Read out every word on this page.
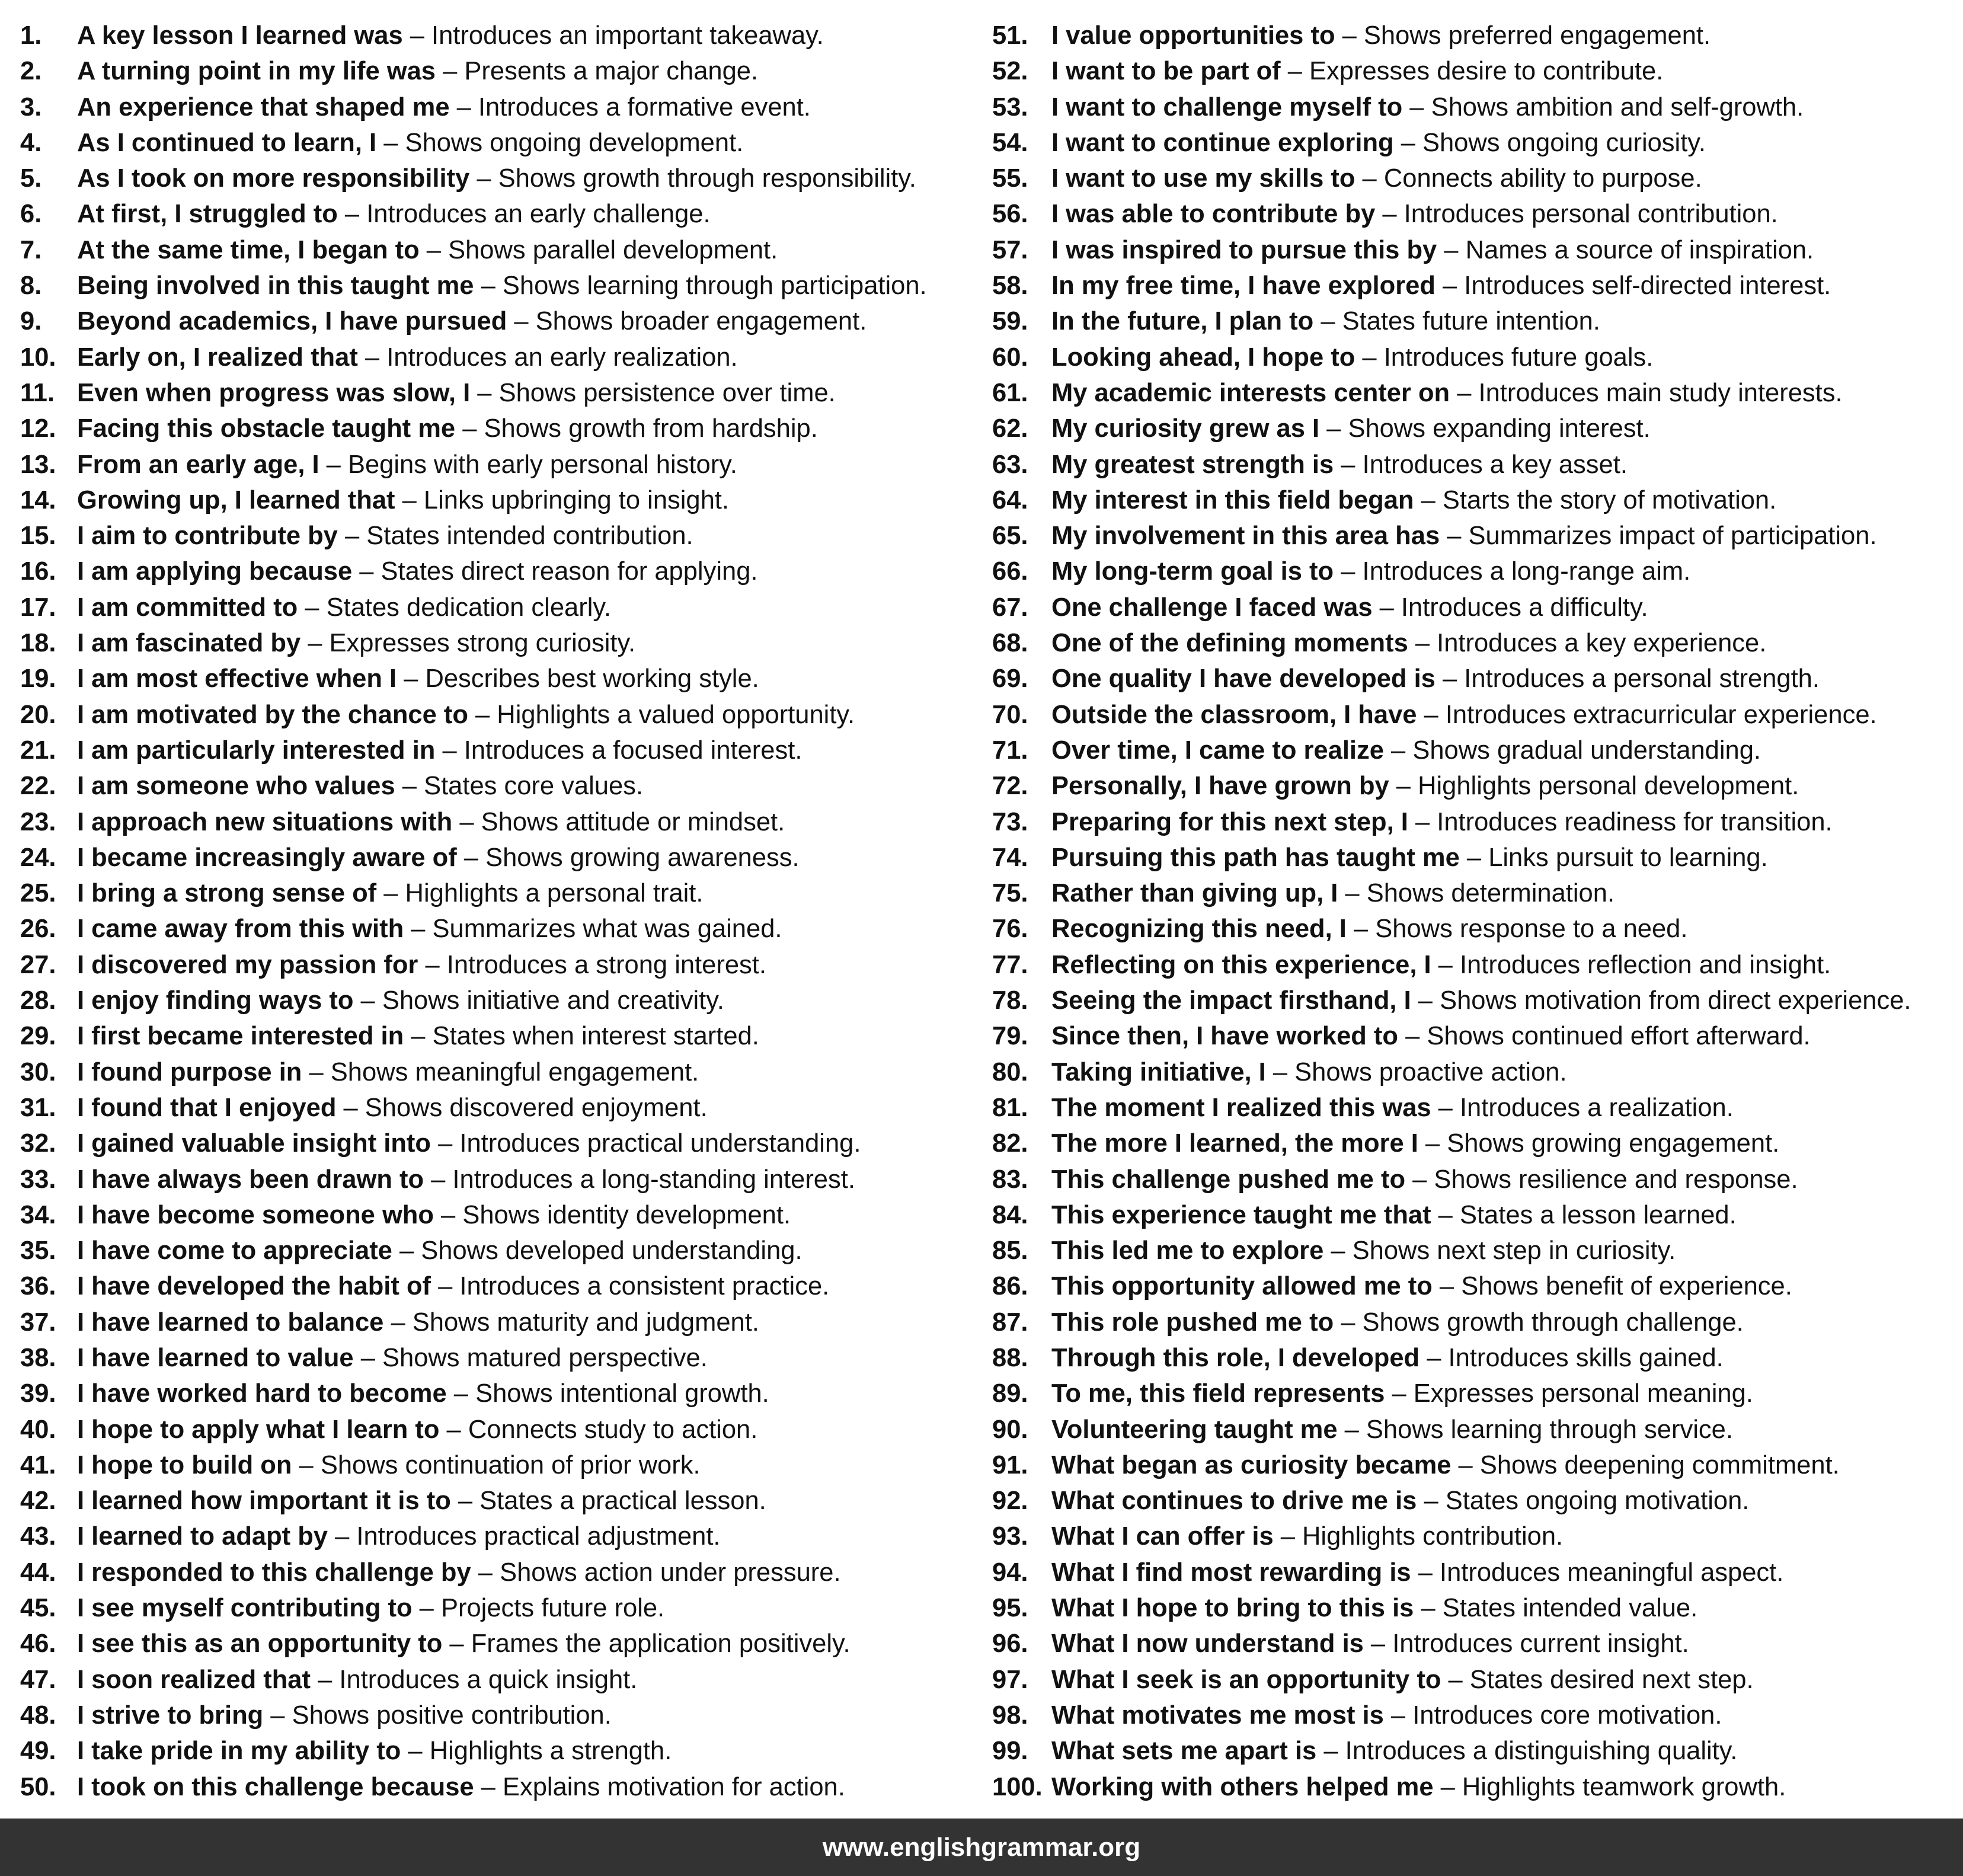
1.	A key lesson I learned was – Introduces an important takeaway.
2.	A turning point in my life was – Presents a major change.
3.	An experience that shaped me – Introduces a formative event.
4.	As I continued to learn, I – Shows ongoing development.
5.	As I took on more responsibility – Shows growth through responsibility.
6.	At first, I struggled to – Introduces an early challenge.
7.	At the same time, I began to – Shows parallel development.
8.	Being involved in this taught me – Shows learning through participation.
9.	Beyond academics, I have pursued – Shows broader engagement.
10. Early on, I realized that – Introduces an early realization.
11. Even when progress was slow, I – Shows persistence over time.
12. Facing this obstacle taught me – Shows growth from hardship.
13. From an early age, I – Begins with early personal history.
14. Growing up, I learned that – Links upbringing to insight.
15. I aim to contribute by – States intended contribution.
16. I am applying because – States direct reason for applying.
17. I am committed to – States dedication clearly.
18. I am fascinated by – Expresses strong curiosity.
19. I am most effective when I – Describes best working style.
20. I am motivated by the chance to – Highlights a valued opportunity.
21. I am particularly interested in – Introduces a focused interest.
22. I am someone who values – States core values.
23. I approach new situations with – Shows attitude or mindset.
24. I became increasingly aware of – Shows growing awareness.
25. I bring a strong sense of – Highlights a personal trait.
26. I came away from this with – Summarizes what was gained.
27. I discovered my passion for – Introduces a strong interest.
28. I enjoy finding ways to – Shows initiative and creativity.
29. I first became interested in – States when interest started.
30. I found purpose in – Shows meaningful engagement.
31. I found that I enjoyed – Shows discovered enjoyment.
32. I gained valuable insight into – Introduces practical understanding.
33. I have always been drawn to – Introduces a long-standing interest.
34. I have become someone who – Shows identity development.
35. I have come to appreciate – Shows developed understanding.
36. I have developed the habit of – Introduces a consistent practice.
37. I have learned to balance – Shows maturity and judgment.
38. I have learned to value – Shows matured perspective.
39. I have worked hard to become – Shows intentional growth.
40. I hope to apply what I learn to – Connects study to action.
41. I hope to build on – Shows continuation of prior work.
42. I learned how important it is to – States a practical lesson.
43. I learned to adapt by – Introduces practical adjustment.
44. I responded to this challenge by – Shows action under pressure.
45. I see myself contributing to – Projects future role.
46. I see this as an opportunity to – Frames the application positively.
47. I soon realized that – Introduces a quick insight.
48. I strive to bring – Shows positive contribution.
49. I take pride in my ability to – Highlights a strength.
50. I took on this challenge because – Explains motivation for action.
51. I value opportunities to – Shows preferred engagement.
52. I want to be part of – Expresses desire to contribute.
53. I want to challenge myself to – Shows ambition and self-growth.
54. I want to continue exploring – Shows ongoing curiosity.
55. I want to use my skills to – Connects ability to purpose.
56. I was able to contribute by – Introduces personal contribution.
57. I was inspired to pursue this by – Names a source of inspiration.
58. In my free time, I have explored – Introduces self-directed interest.
59. In the future, I plan to – States future intention.
60. Looking ahead, I hope to – Introduces future goals.
61. My academic interests center on – Introduces main study interests.
62. My curiosity grew as I – Shows expanding interest.
63. My greatest strength is – Introduces a key asset.
64. My interest in this field began – Starts the story of motivation.
65. My involvement in this area has – Summarizes impact of participation.
66. My long-term goal is to – Introduces a long-range aim.
67. One challenge I faced was – Introduces a difficulty.
68. One of the defining moments – Introduces a key experience.
69. One quality I have developed is – Introduces a personal strength.
70. Outside the classroom, I have – Introduces extracurricular experience.
71. Over time, I came to realize – Shows gradual understanding.
72. Personally, I have grown by – Highlights personal development.
73. Preparing for this next step, I – Introduces readiness for transition.
74. Pursuing this path has taught me – Links pursuit to learning.
75. Rather than giving up, I – Shows determination.
76. Recognizing this need, I – Shows response to a need.
77. Reflecting on this experience, I – Introduces reflection and insight.
78. Seeing the impact firsthand, I – Shows motivation from direct experience.
79. Since then, I have worked to – Shows continued effort afterward.
80. Taking initiative, I – Shows proactive action.
81. The moment I realized this was – Introduces a realization.
82. The more I learned, the more I – Shows growing engagement.
83. This challenge pushed me to – Shows resilience and response.
84. This experience taught me that – States a lesson learned.
85. This led me to explore – Shows next step in curiosity.
86. This opportunity allowed me to – Shows benefit of experience.
87. This role pushed me to – Shows growth through challenge.
88. Through this role, I developed – Introduces skills gained.
89. To me, this field represents – Expresses personal meaning.
90. Volunteering taught me – Shows learning through service.
91. What began as curiosity became – Shows deepening commitment.
92. What continues to drive me is – States ongoing motivation.
93. What I can offer is – Highlights contribution.
94. What I find most rewarding is – Introduces meaningful aspect.
95. What I hope to bring to this is – States intended value.
96. What I now understand is – Introduces current insight.
97. What I seek is an opportunity to – States desired next step.
98. What motivates me most is – Introduces core motivation.
99. What sets me apart is – Introduces a distinguishing quality.
100. Working with others helped me – Highlights teamwork growth.
www.englishgrammar.org
